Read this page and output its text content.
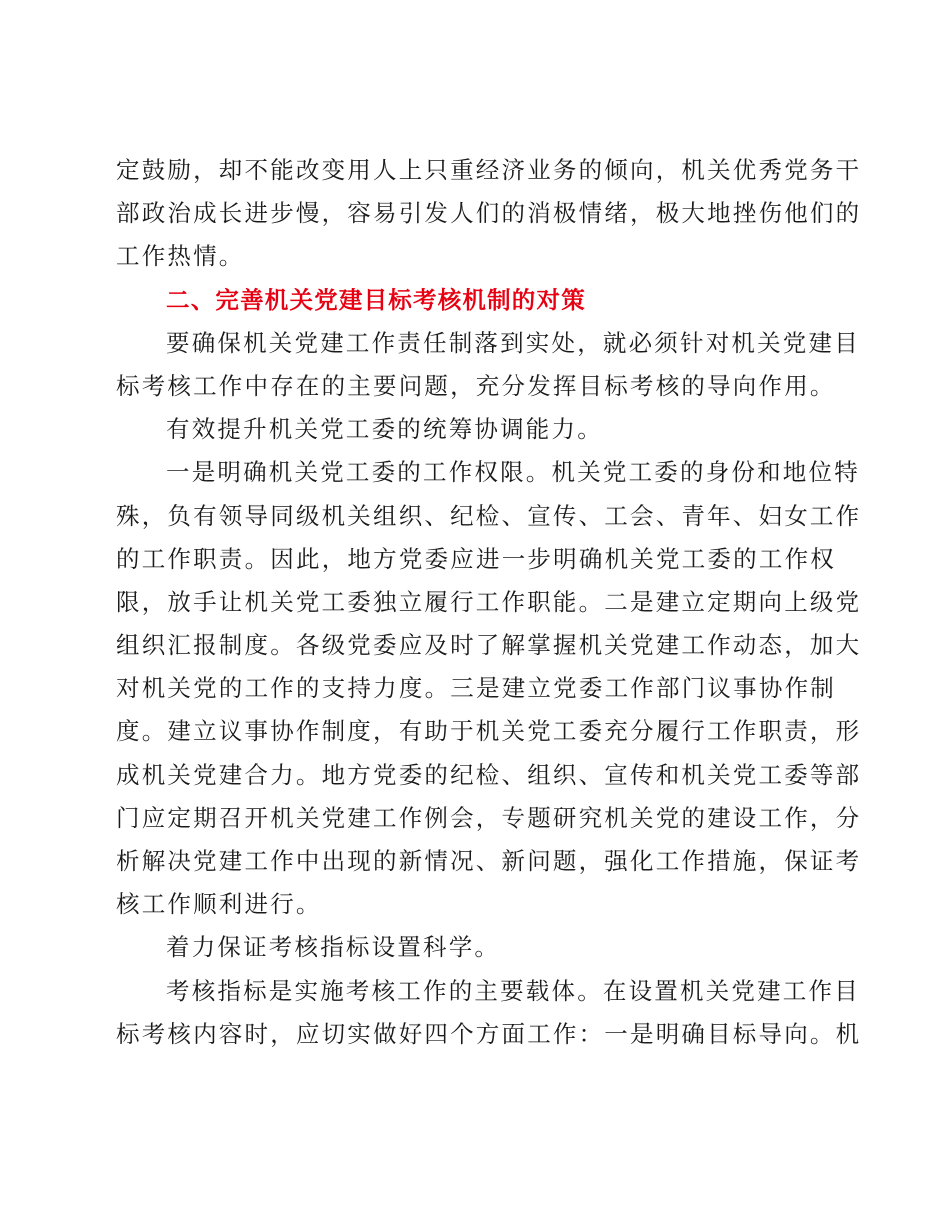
定鼓励，却不能改变用人上只重经济业务的倾向，机关优秀党务干
部政治成长进步慢，容易引发人们的消极情绪，极大地挫伤他们的
工作热情。
二、完善机关党建目标考核机制的对策
要确保机关党建工作责任制落到实处，就必须针对机关党建目
标考核工作中存在的主要问题，充分发挥目标考核的导向作用。
有效提升机关党工委的统筹协调能力。
一是明确机关党工委的工作权限。机关党工委的身份和地位特
殊，负有领导同级机关组织、纪检、宣传、工会、青年、妇女工作
的工作职责。因此，地方党委应进一步明确机关党工委的工作权
限，放手让机关党工委独立履行工作职能。二是建立定期向上级党
组织汇报制度。各级党委应及时了解掌握机关党建工作动态，加大
对机关党的工作的支持力度。三是建立党委工作部门议事协作制
度。建立议事协作制度，有助于机关党工委充分履行工作职责，形
成机关党建合力。地方党委的纪检、组织、宣传和机关党工委等部
门应定期召开机关党建工作例会，专题研究机关党的建设工作，分
析解决党建工作中出现的新情况、新问题，强化工作措施，保证考
核工作顺利进行。
着力保证考核指标设置科学。
考核指标是实施考核工作的主要载体。在设置机关党建工作目
标考核内容时，应切实做好四个方面工作：一是明确目标导向。机
